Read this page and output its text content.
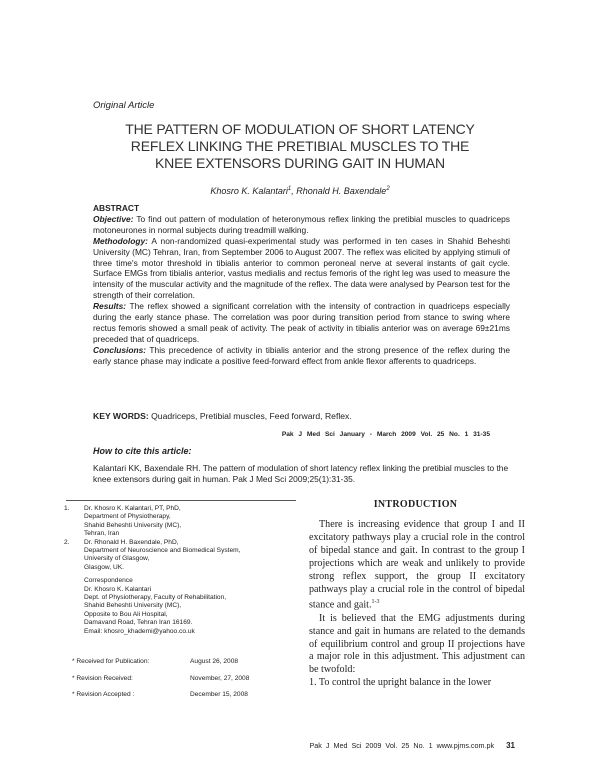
Original Article
THE PATTERN OF MODULATION OF SHORT LATENCY
REFLEX LINKING THE PRETIBIAL MUSCLES TO THE
KNEE EXTENSORS DURING GAIT IN HUMAN
Khosro K. Kalantari$^1$, Rhonald H. Baxendale$^2$

ABSTRACT

Objective: To find out pattern of modulation of heteronymous reflex linking the pretibial muscles to quadriceps motoneurones in normal subjects during treadmill walking.

Methodology: A non-randomized quasi-experimental study was performed in ten cases in Shahid Beheshti University (MC) Tehran, Iran, from September 2006 to August 2007. The reflex was elicited by applying stimuli of three time's motor threshold in tibialis anterior to common peroneal nerve at several instants of gait cycle. Surface EMGs from tibialis anterior, vastus medialis and rectus femoris of the right leg was used to measure the intensity of the muscular activity and the magnitude of the reflex. The data were analysed by Pearson test for the strength of their correlation.

Results: The reflex showed a significant correlation with the intensity of contraction in quadriceps especially during the early stance phase. The correlation was poor during transition period from stance to swing where rectus femoris showed a small peak of activity. The peak of activity in tibialis anterior was on average 69±21ms preceded that of quadriceps.

Conclusions: This precedence of activity in tibialis anterior and the strong presence of the reflex during the early stance phase may indicate a positive feed-forward effect from ankle flexor afferents to quadriceps.

KEY WORDS: Quadriceps, Pretibial muscles, Feed forward, Reflex.
Pak J Med Sci January - March 2009 Vol. 25 No. 1 31-35
How to cite this article:
Kalantari KK, Baxendale RH. The pattern of modulation of short latency reflex linking the pretibial muscles to the knee extensors during gait in human. Pak J Med Sci 2009;25(1):31-35.
1. Dr. Khosro K. Kalantari, PT, PhD,
Department of Physiotherapy,
Shahid Beheshti University (MC),
Tehran, Iran
2. Dr. Rhonald H. Baxendale, PhD,
Department of Neuroscience and Biomedical System,
University of Glasgow,
Glasgow, UK.
Correspondence
Dr. Khosro K. Kalantari
Dept. of Physiotherapy, Faculty of Rehabilitation,
Shahid Beheshti University (MC),
Opposite to Bou Ali Hospital,
Damavand Road, Tehran Iran 16169.
Email: khosro_khademi@yahoo.co.uk
* Received for Publication:	August 26, 2008
* Revision Received:	November, 27, 2008
* Revision Accepted :	December 15, 2008
INTRODUCTION

There is increasing evidence that group I and II excitatory pathways play a crucial role in the control of bipedal stance and gait. In contrast to the group I projections which are weak and unlikely to provide strong reflex support, the group II excitatory pathways play a crucial role in the control of bipedal stance and gait.$^{1-3}$

It is believed that the EMG adjustments during stance and gait in humans are related to the demands of equilibrium control and group II projections have a major role in this adjustment. This adjustment can be twofold:

1. To control the upright balance in the lower

Pak J Med Sci 2009 Vol. 25 No. 1 www.pjms.com.pk 31
